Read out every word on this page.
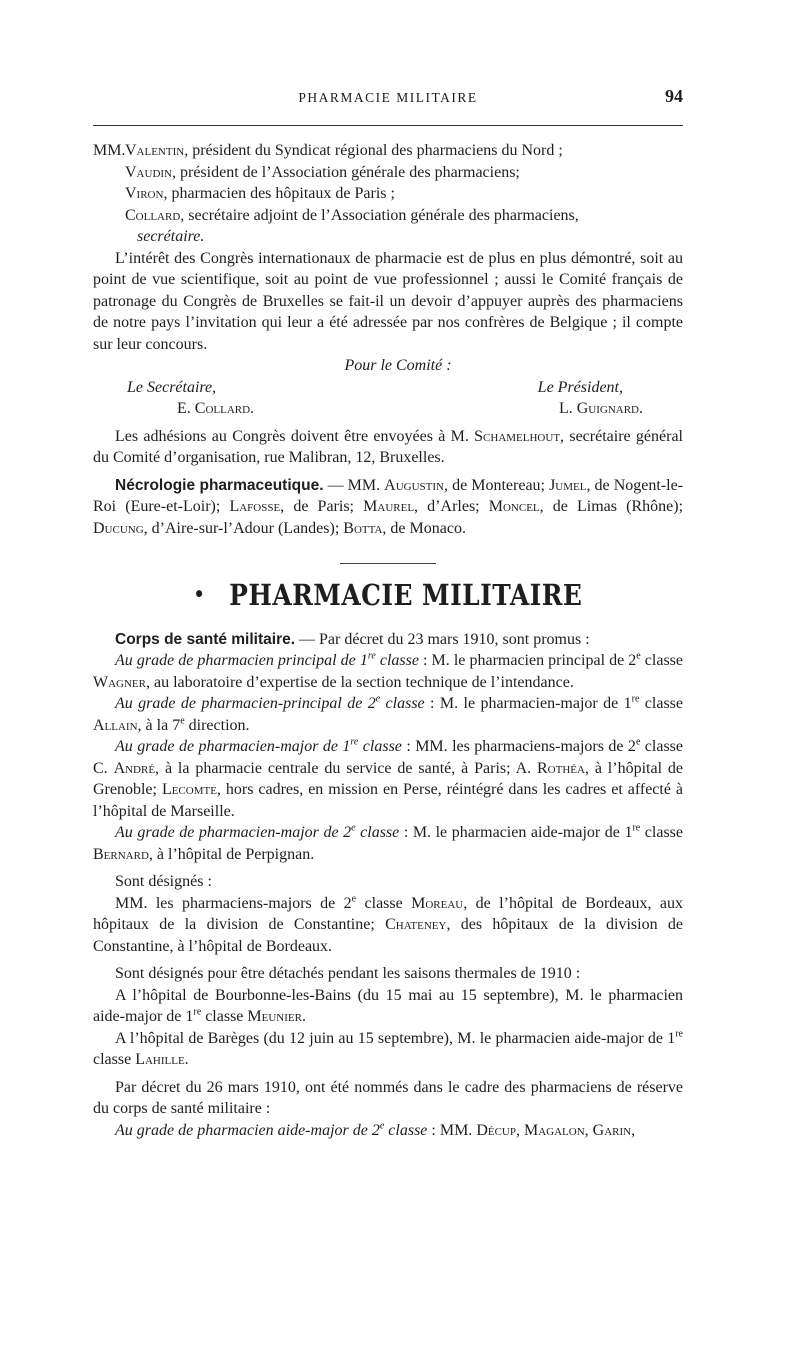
PHARMACIE MILITAIRE	94

MM.Valentin, président du Syndicat régional des pharmaciens du Nord ;

Vaudin, président de l’Association générale des pharmaciens;

Viron, pharmacien des hôpitaux de Paris ;

Collard, secrétaire adjoint de l’Association générale des pharmaciens,

secrétaire.

L’intérêt des Congrès internationaux de pharmacie est de plus en plus démontré, soit au point de vue scientifique, soit au point de vue professionnel ; aussi le Comité français de patronage du Congrès de Bruxelles se fait-il un devoir d’appuyer auprès des pharmaciens de notre pays l’invitation qui leur a été adressée par nos confrères de Belgique ; il compte sur leur concours.

Pour le Comité :

Le Secrétaire,	Le Président,
E. Collard.	L. Guignard.

Les adhésions au Congrès doivent être envoyées à M. Schamelhout, secrétaire général du Comité d’organisation, rue Malibran, 12, Bruxelles.

Nécrologie pharmaceutique. — MM. Augustin, de Montereau; Jumel, de Nogent-le-Roi (Eure-et-Loir); Lafosse, de Paris; Maurel, d’Arles; Moncel, de Limas (Rhône); Ducung, d’Aire-sur-l’Adour (Landes); Botta, de Monaco.

• PHARMACIE MILITAIRE

Corps de santé militaire. — Par décret du 23 mars 1910, sont promus :

Au grade de pharmacien principal de 1re classe : M. le pharmacien principal de 2e classe Wagner, au laboratoire d’expertise de la section technique de l’intendance.

Au grade de pharmacien-principal de 2e classe : M. le pharmacien-major de 1re classe Allain, à la 7e direction.

Au grade de pharmacien-major de 1re classe : MM. les pharmaciens-majors de 2e classe C. André, à la pharmacie centrale du service de santé, à Paris; A. Rothéa, à l’hôpital de Grenoble; Lecomte, hors cadres, en mission en Perse, réintégré dans les cadres et affecté à l’hôpital de Marseille.

Au grade de pharmacien-major de 2e classe : M. le pharmacien aide-major de 1re classe Bernard, à l’hôpital de Perpignan.

Sont désignés :

MM. les pharmaciens-majors de 2e classe Moreau, de l’hôpital de Bordeaux, aux hôpitaux de la division de Constantine; Chateney, des hôpitaux de la division de Constantine, à l’hôpital de Bordeaux.

Sont désignés pour être détachés pendant les saisons thermales de 1910 :

A l’hôpital de Bourbonne-les-Bains (du 15 mai au 15 septembre), M. le pharmacien aide-major de 1re classe Meunier.

A l’hôpital de Barèges (du 12 juin au 15 septembre), M. le pharmacien aide-major de 1re classe Lahille.

Par décret du 26 mars 1910, ont été nommés dans le cadre des pharmaciens de réserve du corps de santé militaire :

Au grade de pharmacien aide-major de 2e classe : MM. Décup, Magalon, Garin,
